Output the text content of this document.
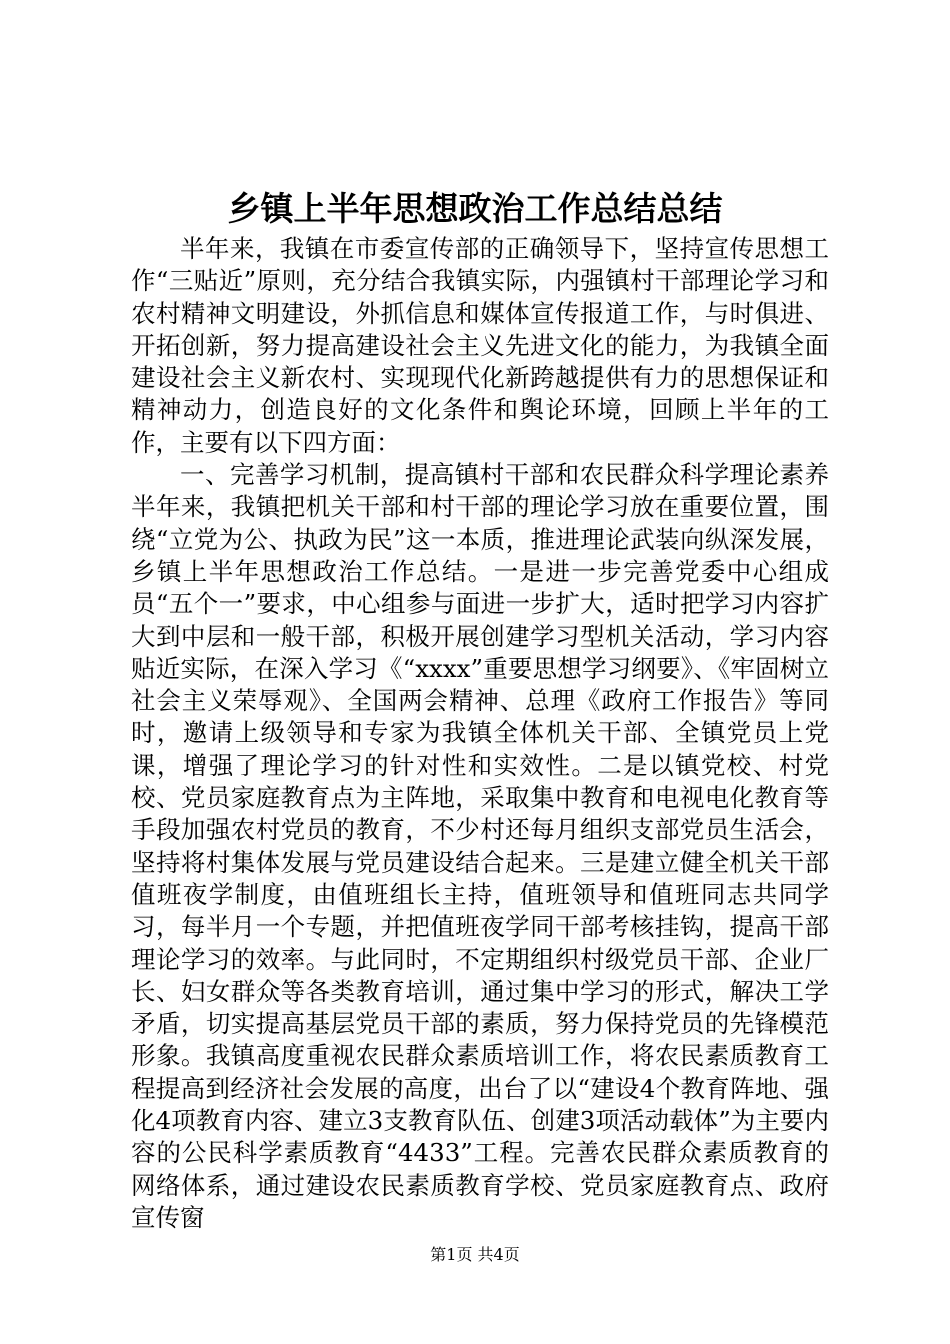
乡镇上半年思想政治工作总结总结

半年来，我镇在市委宣传部的正确领导下，坚持宣传思想工作“三贴近”原则，充分结合我镇实际，内强镇村干部理论学习和农村精神文明建设，外抓信息和媒体宣传报道工作，与时俱进、开拓创新，努力提高建设社会主义先进文化的能力，为我镇全面建设社会主义新农村、实现现代化新跨越提供有力的思想保证和精神动力，创造良好的文化条件和舆论环境，回顾上半年的工作，主要有以下四方面：

一、完善学习机制，提高镇村干部和农民群众科学理论素养半年来，我镇把机关干部和村干部的理论学习放在重要位置，围绕“立党为公、执政为民”这一本质，推进理论武装向纵深发展，乡镇上半年思想政治工作总结。一是进一步完善党委中心组成员“五个一”要求，中心组参与面进一步扩大，适时把学习内容扩大到中层和一般干部，积极开展创建学习型机关活动，学习内容贴近实际，在深入学习《“xxxx”重要思想学习纲要》、《牢固树立社会主义荣辱观》、全国两会精神、总理《政府工作报告》等同时，邀请上级领导和专家为我镇全体机关干部、全镇党员上党课，增强了理论学习的针对性和实效性。二是以镇党校、村党校、党员家庭教育点为主阵地，采取集中教育和电视电化教育等手段加强农村党员的教育，不少村还每月组织支部党员生活会，坚持将村集体发展与党员建设结合起来。三是建立健全机关干部值班夜学制度，由值班组长主持，值班领导和值班同志共同学习，每半月一个专题，并把值班夜学同干部考核挂钩，提高干部理论学习的效率。与此同时，不定期组织村级党员干部、企业厂长、妇女群众等各类教育培训，通过集中学习的形式，解决工学矛盾，切实提高基层党员干部的素质，努力保持党员的先锋模范形象。我镇高度重视农民群众素质培训工作，将农民素质教育工程提高到经济社会发展的高度，出台了以“建设4个教育阵地、强化4项教育内容、建立3支教育队伍、创建3项活动载体”为主要内容的公民科学素质教育“4433”工程。完善农民群众素质教育的网络体系，通过建设农民素质教育学校、党员家庭教育点、政府宣传窗

第1页 共4页
